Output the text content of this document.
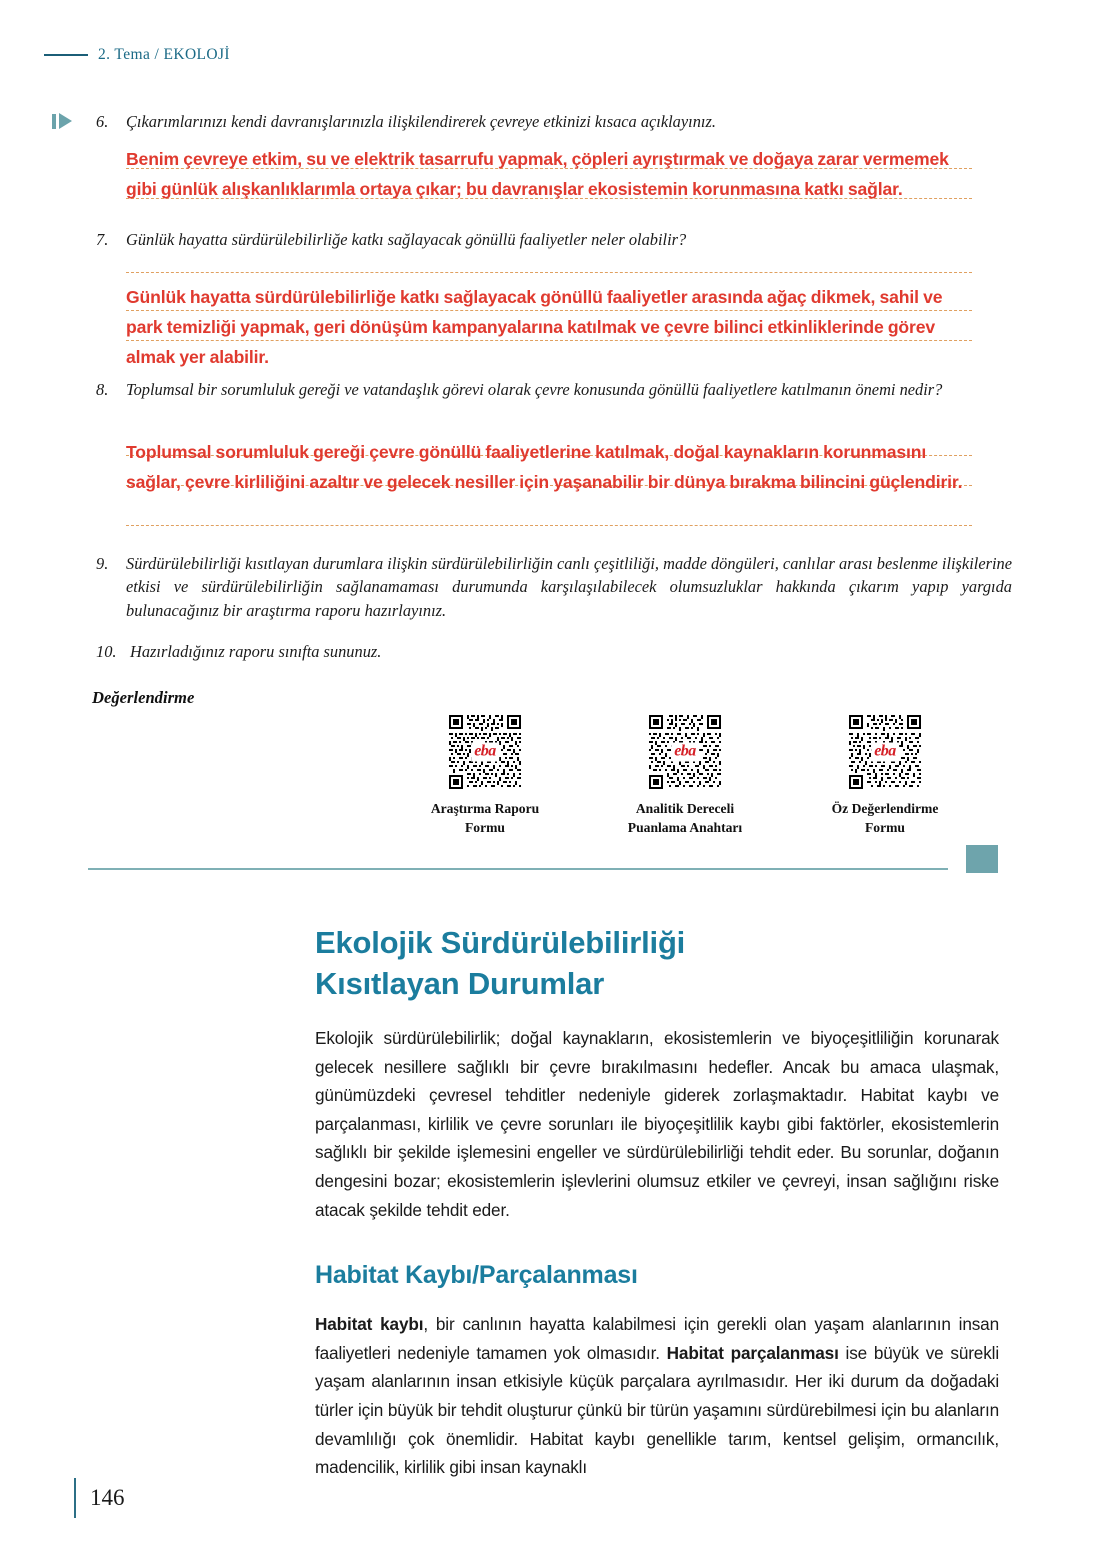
2. Tema / EKOLOJİ
6.	Çıkarımlarınızı kendi davranışlarınızla ilişkilendirerek çevreye etkinizi kısaca açıklayınız.
Benim çevreye etkim, su ve elektrik tasarrufu yapmak, çöpleri ayrıştırmak ve doğaya zarar vermemek gibi günlük alışkanlıklarımla ortaya çıkar; bu davranışlar ekosistemin korunmasına katkı sağlar.
7.	Günlük hayatta sürdürülebilirliğe katkı sağlayacak gönüllü faaliyetler neler olabilir?
Günlük hayatta sürdürülebilirliğe katkı sağlayacak gönüllü faaliyetler arasında ağaç dikmek, sahil ve park temizliği yapmak, geri dönüşüm kampanyalarına katılmak ve çevre bilinci etkinliklerinde görev almak yer alabilir.
8.	Toplumsal bir sorumluluk gereği ve vatandaşlık görevi olarak çevre konusunda gönüllü faaliyetlere katılmanın önemi nedir?
Toplumsal sorumluluk gereği çevre gönüllü faaliyetlerine katılmak, doğal kaynakların korunmasını sağlar, çevre kirliliğini azaltır ve gelecek nesiller için yaşanabilir bir dünya bırakma bilincini güçlendirir.
9.	Sürdürülebilirliği kısıtlayan durumlara ilişkin sürdürülebilirliğin canlı çeşitliliği, madde döngüleri, canlılar arası beslenme ilişkilerine etkisi ve sürdürülebilirliğin sağlanamaması durumunda karşılaşılabilecek olumsuzluklar hakkında çıkarım yapıp yargıda bulunacağınız bir araştırma raporu hazırlayınız.
10. Hazırladığınız raporu sınıfta sununuz.
Değerlendirme
eba
Araştırma Raporu
Formu
eba
Analitik Dereceli
Puanlama Anahtarı
eba
Öz Değerlendirme
Formu
Ekolojik Sürdürülebilirliği
Kısıtlayan Durumlar
Ekolojik sürdürülebilirlik; doğal kaynakların, ekosistemlerin ve biyoçeşitliliğin korunarak gelecek nesillere sağlıklı bir çevre bırakılmasını hedefler. Ancak bu amaca ulaşmak, günümüzdeki çevresel tehditler nedeniyle giderek zorlaşmaktadır. Habitat kaybı ve parçalanması, kirlilik ve çevre sorunları ile biyoçeşitlilik kaybı gibi faktörler, ekosistemlerin sağlıklı bir şekilde işlemesini engeller ve sürdürülebilirliği tehdit eder. Bu sorunlar, doğanın dengesini bozar; ekosistemlerin işlevlerini olumsuz etkiler ve çevreyi, insan sağlığını riske atacak şekilde tehdit eder.
Habitat Kaybı/Parçalanması
Habitat kaybı, bir canlının hayatta kalabilmesi için gerekli olan yaşam alanlarının insan faaliyetleri nedeniyle tamamen yok olmasıdır. Habitat parçalanması ise büyük ve sürekli yaşam alanlarının insan etkisiyle küçük parçalara ayrılmasıdır. Her iki durum da doğadaki türler için büyük bir tehdit oluşturur çünkü bir türün yaşamını sürdürebilmesi için bu alanların devamlılığı çok önemlidir. Habitat kaybı genellikle tarım, kentsel gelişim, ormancılık, madencilik, kirlilik gibi insan kaynaklı
146
